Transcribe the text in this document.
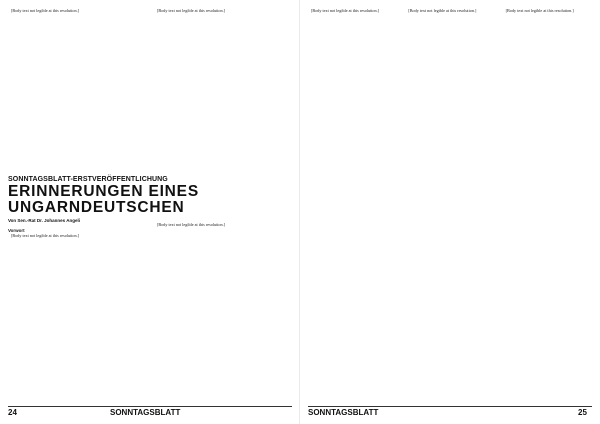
[Body text not legible at this resolution.]	[Body text not legible at this resolution.]

SONNTAGSBLATT-ERSTVERÖFFENTLICHUNG
ERINNERUNGEN EINES
UNGARNDEUTSCHEN
Von Sen.-Rat Dr. Johannes Angeli
Vorwort

[Body text not legible at this resolution.]

[Body text not legible at this resolution.]

24	SONNTAGSBLATT

[Body text not legible at this resolution.]	[Body text not legible at this resolution.]	[Body text not legible at this resolution.]

SONNTAGSBLATT	25
